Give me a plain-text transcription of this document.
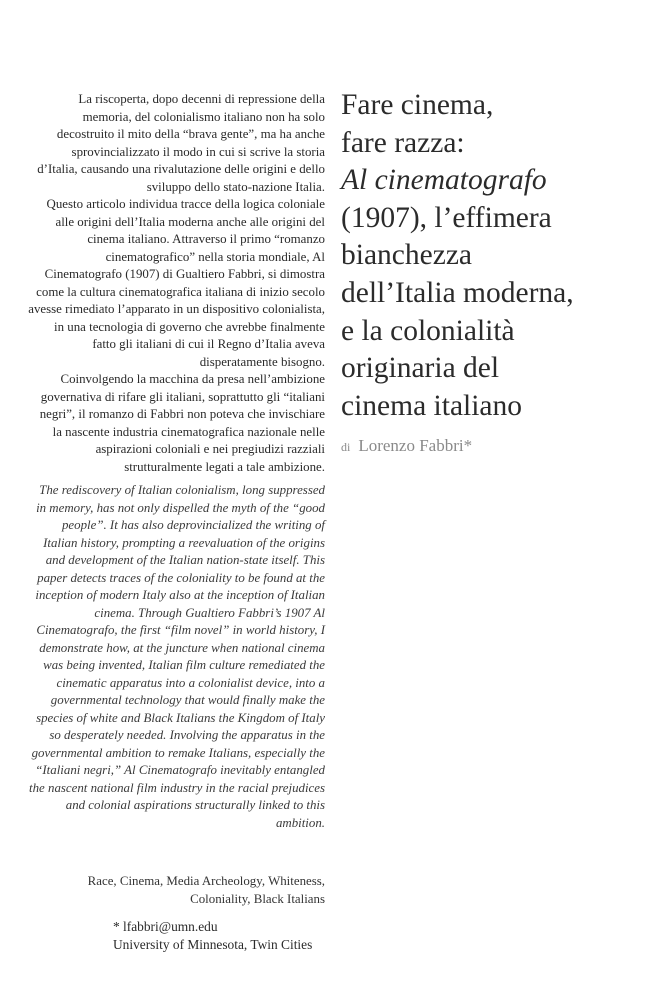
La riscoperta, dopo decenni di repressione della memoria, del colonialismo italiano non ha solo decostruito il mito della “brava gente”, ma ha anche sprovincializzato il modo in cui si scrive la storia d’Italia, causando una rivalutazione delle origini e dello sviluppo dello stato-nazione Italia.

Questo articolo individua tracce della logica coloniale alle origini dell’Italia moderna anche alle origini del cinema italiano. Attraverso il primo “romanzo cinematografico” nella storia mondiale, Al Cinematografo (1907) di Gualtiero Fabbri, si dimostra come la cultura cinematografica italiana di inizio secolo avesse rimediato l’apparato in un dispositivo colonialista, in una tecnologia di governo che avrebbe finalmente fatto gli italiani di cui il Regno d’Italia aveva disperatamente bisogno.

Coinvolgendo la macchina da presa nell’ambizione governativa di rifare gli italiani, soprattutto gli “italiani negri”, il romanzo di Fabbri non poteva che invischiare la nascente industria cinematografica nazionale nelle aspirazioni coloniali e nei pregiudizi razziali strutturalmente legati a tale ambizione.

The rediscovery of Italian colonialism, long suppressed in memory, has not only dispelled the myth of the “good people”. It has also deprovincialized the writing of Italian history, prompting a reevaluation of the origins and development of the Italian nation-state itself. This paper detects traces of the coloniality to be found at the inception of modern Italy also at the inception of Italian cinema. Through Gualtiero Fabbri’s 1907 Al Cinematografo, the first “film novel” in world history, I demonstrate how, at the juncture when national cinema was being invented, Italian film culture remediated the cinematic apparatus into a colonialist device, into a governmental technology that would finally make the species of white and Black Italians the Kingdom of Italy so desperately needed. Involving the apparatus in the governmental ambition to remake Italians, especially the “Italiani negri,” Al Cinematografo inevitably entangled the nascent national film industry in the racial prejudices and colonial aspirations structurally linked to this ambition.

Race, Cinema, Media Archeology, Whiteness,
Coloniality, Black Italians
* lfabbri@umn.edu
University of Minnesota, Twin Cities
Fare cinema,
fare razza:
Al cinematografo
(1907), l’effimera
bianchezza
dell’Italia moderna,
e la colonialità
originaria del
cinema italiano
di Lorenzo Fabbri*
